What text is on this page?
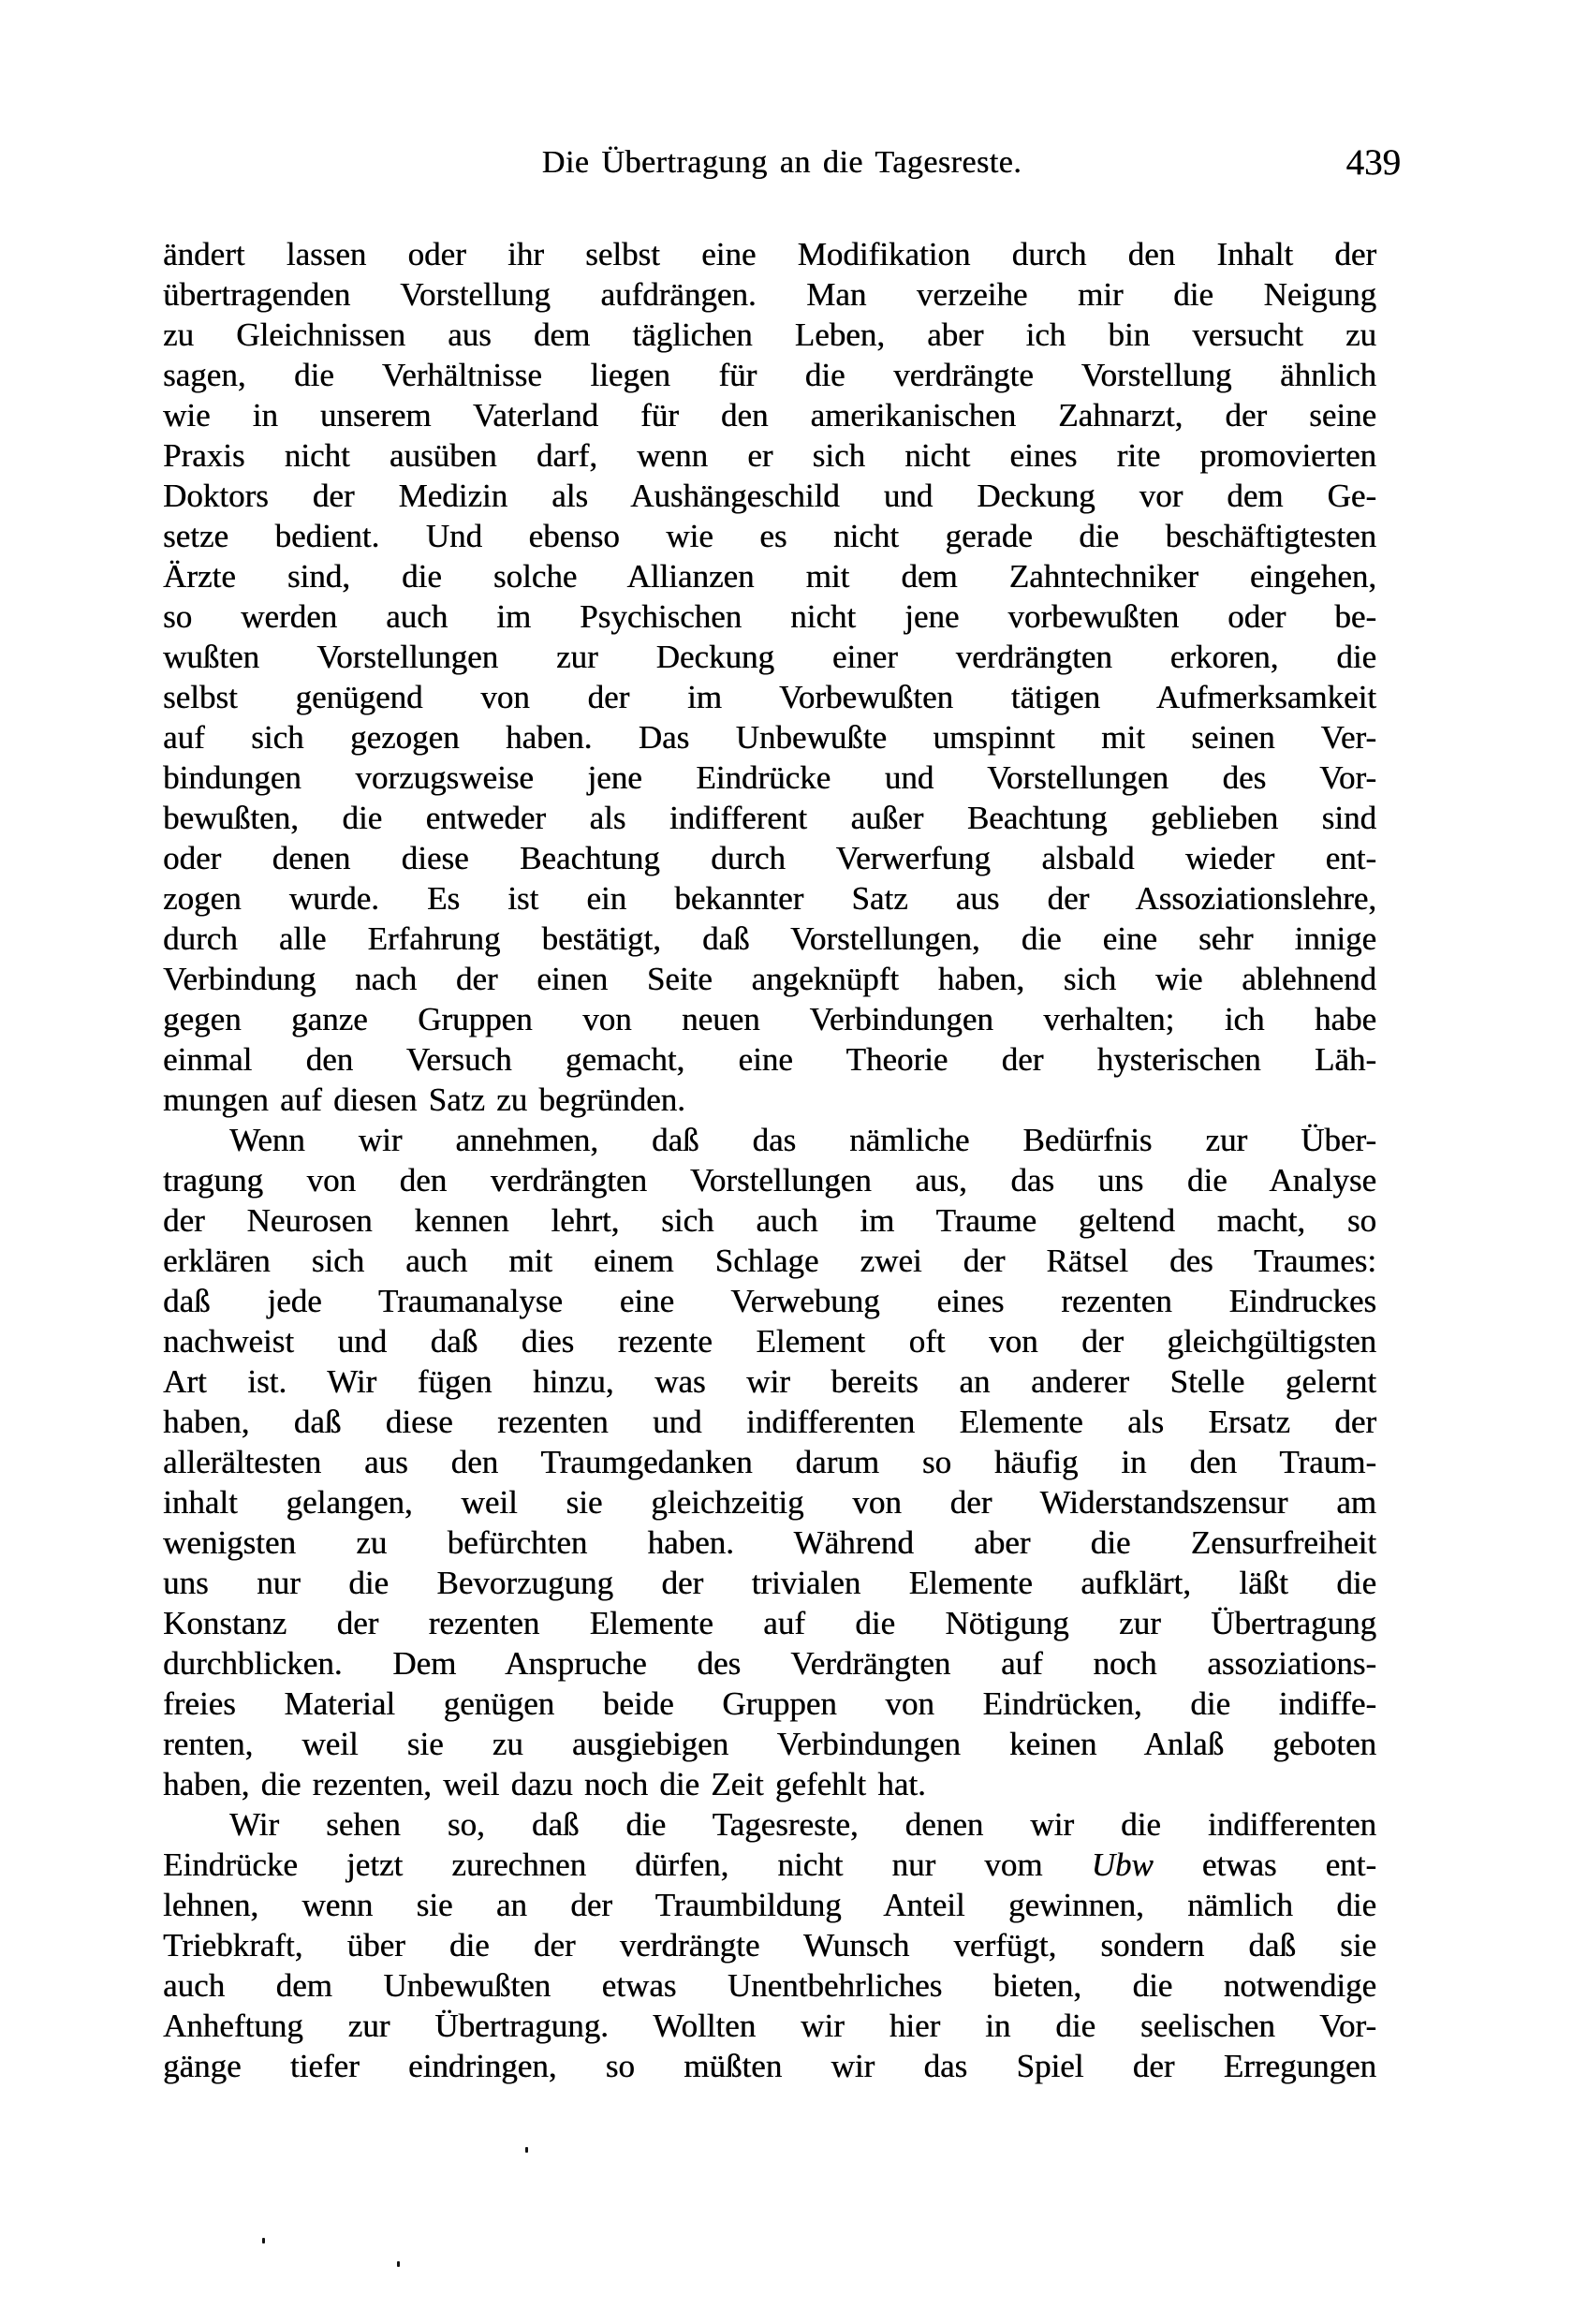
Die Übertragung an die Tagesreste.	439
ändert lassen oder ihr selbst eine Modifikation durch den Inhalt der
übertragenden Vorstellung aufdrängen. Man verzeihe mir die Neigung
zu Gleichnissen aus dem täglichen Leben, aber ich bin versucht zu
sagen, die Verhältnisse liegen für die verdrängte Vorstellung ähnlich
wie in unserem Vaterland für den amerikanischen Zahnarzt, der seine
Praxis nicht ausüben darf, wenn er sich nicht eines rite promovierten
Doktors der Medizin als Aushängeschild und Deckung vor dem Ge-
setze bedient. Und ebenso wie es nicht gerade die beschäftigtesten
Ärzte sind, die solche Allianzen mit dem Zahntechniker eingehen,
so werden auch im Psychischen nicht jene vorbewußten oder be-
wußten Vorstellungen zur Deckung einer verdrängten erkoren, die
selbst genügend von der im Vorbewußten tätigen Aufmerksamkeit
auf sich gezogen haben. Das Unbewußte umspinnt mit seinen Ver-
bindungen vorzugsweise jene Eindrücke und Vorstellungen des Vor-
bewußten, die entweder als indifferent außer Beachtung geblieben sind
oder denen diese Beachtung durch Verwerfung alsbald wieder ent-
zogen wurde. Es ist ein bekannter Satz aus der Assoziationslehre,
durch alle Erfahrung bestätigt, daß Vorstellungen, die eine sehr innige
Verbindung nach der einen Seite angeknüpft haben, sich wie ablehnend
gegen ganze Gruppen von neuen Verbindungen verhalten; ich habe
einmal den Versuch gemacht, eine Theorie der hysterischen Läh-
mungen auf diesen Satz zu begründen.
Wenn wir annehmen, daß das nämliche Bedürfnis zur Über-
tragung von den verdrängten Vorstellungen aus, das uns die Analyse
der Neurosen kennen lehrt, sich auch im Traume geltend macht, so
erklären sich auch mit einem Schlage zwei der Rätsel des Traumes:
daß jede Traumanalyse eine Verwebung eines rezenten Eindruckes
nachweist und daß dies rezente Element oft von der gleichgültigsten
Art ist. Wir fügen hinzu, was wir bereits an anderer Stelle gelernt
haben, daß diese rezenten und indifferenten Elemente als Ersatz der
allerältesten aus den Traumgedanken darum so häufig in den Traum-
inhalt gelangen, weil sie gleichzeitig von der Widerstandszensur am
wenigsten zu befürchten haben. Während aber die Zensurfreiheit
uns nur die Bevorzugung der trivialen Elemente aufklärt, läßt die
Konstanz der rezenten Elemente auf die Nötigung zur Übertragung
durchblicken. Dem Anspruche des Verdrängten auf noch assoziations-
freies Material genügen beide Gruppen von Eindrücken, die indiffe-
renten, weil sie zu ausgiebigen Verbindungen keinen Anlaß geboten
haben, die rezenten, weil dazu noch die Zeit gefehlt hat.
Wir sehen so, daß die Tagesreste, denen wir die indifferenten
Eindrücke jetzt zurechnen dürfen, nicht nur vom Ubw etwas ent-
lehnen, wenn sie an der Traumbildung Anteil gewinnen, nämlich die
Triebkraft, über die der verdrängte Wunsch verfügt, sondern daß sie
auch dem Unbewußten etwas Unentbehrliches bieten, die notwendige
Anheftung zur Übertragung. Wollten wir hier in die seelischen Vor-
gänge tiefer eindringen, so müßten wir das Spiel der Erregungen
